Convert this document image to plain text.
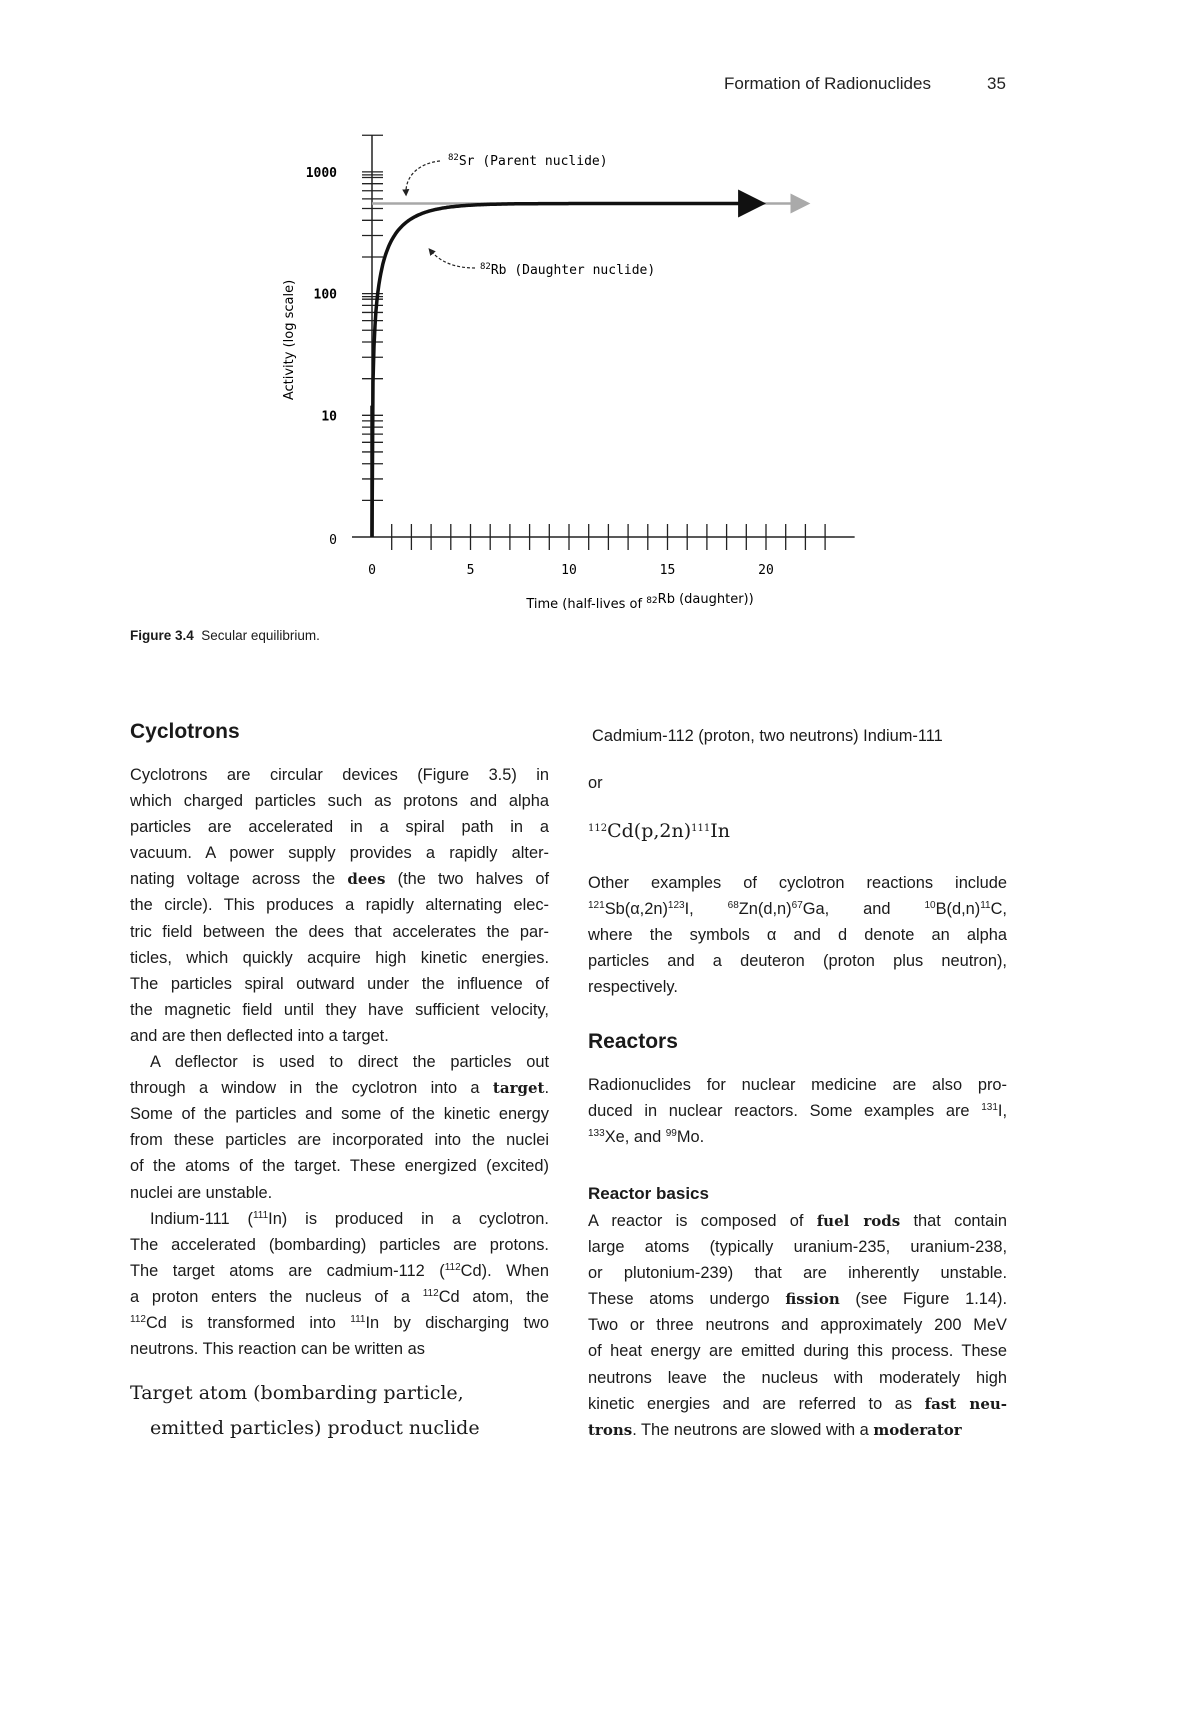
Formation of Radionuclides	35
0
10
100
1000
0	5	10	15	20
Time (half-lives of $^{82}$Rb (daughter))
Activity (log scale)
$^{82}$Sr (Parent nuclide)
$^{82}$Rb (Daughter nuclide)
Figure 3.4 Secular equilibrium.
Cyclotrons
Cyclotrons are circular devices (Figure 3.5) in
which charged particles such as protons and alpha
particles are accelerated in a spiral path in a
vacuum. A power supply provides a rapidly alter-
nating voltage across the dees (the two halves of
the circle). This produces a rapidly alternating elec-
tric field between the dees that accelerates the par-
ticles, which quickly acquire high kinetic energies.
The particles spiral outward under the influence of
the magnetic field until they have sufficient velocity,
and are then deflected into a target.
A deflector is used to direct the particles out
through a window in the cyclotron into a target.
Some of the particles and some of the kinetic energy
from these particles are incorporated into the nuclei
of the atoms of the target. These energized (excited)
nuclei are unstable.
Indium-111 ($^{111}$In) is produced in a cyclotron.
The accelerated (bombarding) particles are protons.
The target atoms are cadmium-112 ($^{112}$Cd). When
a proton enters the nucleus of a $^{112}$Cd atom, the
$^{112}$Cd is transformed into $^{111}$In by discharging two
neutrons. This reaction can be written as
Target atom (bombarding particle,
emitted particles) product nuclide
Cadmium-112 (proton, two neutrons) Indium-111
or
$^{112}Cd(p,2n)^{111}In$
Other examples of cyclotron reactions include
$^{121}Sb(\alpha,2n)^{123}I$, $^{68}Zn(d,n)^{67}Ga$, and $^{10}B(d,n)^{11}C$,
where the symbols α and d denote an alpha
particles and a deuteron (proton plus neutron),
respectively.
Reactors
Radionuclides for nuclear medicine are also pro-
duced in nuclear reactors. Some examples are $^{131}$I,
$^{133}$Xe, and $^{99}$Mo.
Reactor basics
A reactor is composed of fuel rods that contain
large atoms (typically uranium-235, uranium-238,
or plutonium-239) that are inherently unstable.
These atoms undergo fission (see Figure 1.14).
Two or three neutrons and approximately 200 MeV
of heat energy are emitted during this process. These
neutrons leave the nucleus with moderately high
kinetic energies and are referred to as fast neu-
trons. The neutrons are slowed with a moderator
